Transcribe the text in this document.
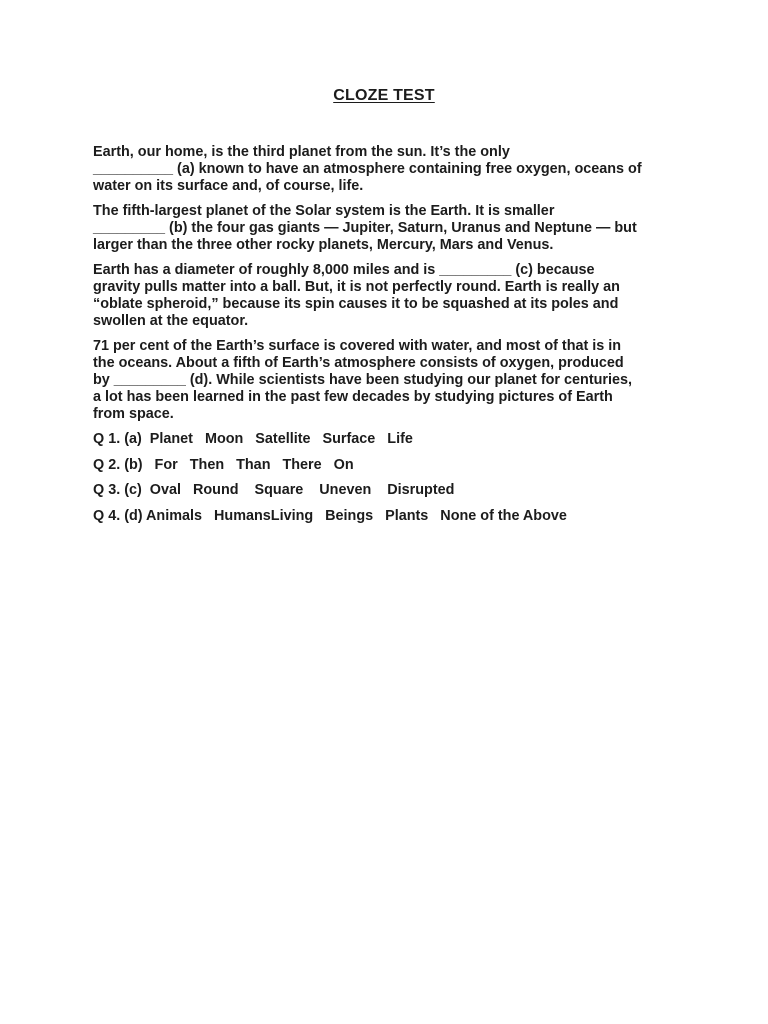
CLOZE TEST

Earth, our home, is the third planet from the sun. It’s the only
__________ (a) known to have an atmosphere containing free oxygen, oceans of
water on its surface and, of course, life.

The fifth-largest planet of the Solar system is the Earth. It is smaller
_________ (b) the four gas giants — Jupiter, Saturn, Uranus and Neptune — but
larger than the three other rocky planets, Mercury, Mars and Venus.

Earth has a diameter of roughly 8,000 miles and is _________ (c) because
gravity pulls matter into a ball. But, it is not perfectly round. Earth is really an
“oblate spheroid,” because its spin causes it to be squashed at its poles and
swollen at the equator.

71 per cent of the Earth’s surface is covered with water, and most of that is in
the oceans. About a fifth of Earth’s atmosphere consists of oxygen, produced
by _________ (d). While scientists have been studying our planet for centuries,
a lot has been learned in the past few decades by studying pictures of Earth
from space.

Q 1. (a)  Planet   Moon   Satellite   Surface   Life

Q 2. (b)   For   Then   Than   There   On

Q 3. (c)  Oval   Round    Square    Uneven    Disrupted

Q 4. (d) Animals   HumansLiving   Beings   Plants   None of the Above
